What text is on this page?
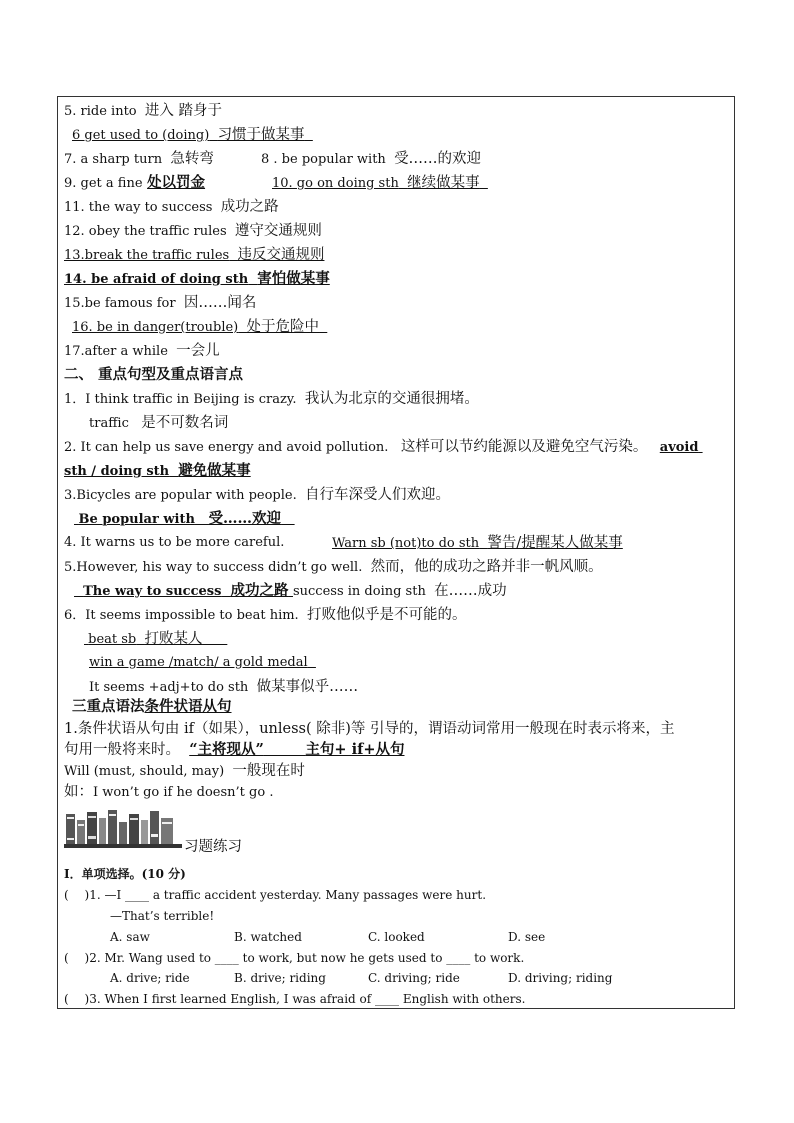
5. ride into 进入 踏身于
6 get used to (doing) 习惯于做某事
7. a sharp turn 急转弯	8 . be popular with 受……的欢迎
9. get a fine 处以罚金	10. go on doing sth 继续做某事
11. the way to success 成功之路
12. obey the traffic rules 遵守交通规则
13.break the traffic rules 违反交通规则
14. be afraid of doing sth 害怕做某事
15.be famous for 因……闻名
16. be in danger(trouble) 处于危险中
17.after a while 一会儿
二、 重点句型及重点语言点
1．I think traffic in Beijing is crazy. 我认为北京的交通很拥堵。
traffic 是不可数名词
2. It can help us save energy and avoid pollution. 这样可以节约能源以及避免空气污染。 avoid
sth / doing sth 避免做某事
3.Bicycles are popular with people. 自行车深受人们欢迎。
Be popular with 受……欢迎
4. It warns us to be more careful.	Warn sb (not)to do sth 警告/提醒某人做某事
5.However, his way to success didn’t go well. 然而，他的成功之路并非一帆风顺。
The way to success 成功之路 success in doing sth 在……成功
6．It seems impossible to beat him. 打败他似乎是不可能的。
beat sb 打败某人
win a game /match/ a gold medal
It seems +adj+to do sth 做某事似乎……
三重点语法条件状语从句
1.条件状语从句由 if（如果），unless( 除非)等 引导的，谓语动词常用一般现在时表示将来，主
句用一般将来时。 “主将现从”	主句+ if+从句
Will (must, should, may) 一般现在时
如：I won’t go if he doesn’t go .
习题练习
Ⅰ．单项选择。(10 分)
(　 )1. —I ____ a traffic accident yesterday. Many passages were hurt.
—That’s terrible!
A. saw	B. watched	C. looked	D. see
(　 )2. Mr. Wang used to ____ to work, but now he gets used to ____ to work.
A. drive; ride	B. drive; riding	C. driving; ride	D. driving; riding
(　 )3. When I first learned English, I was afraid of ____ English with others.
